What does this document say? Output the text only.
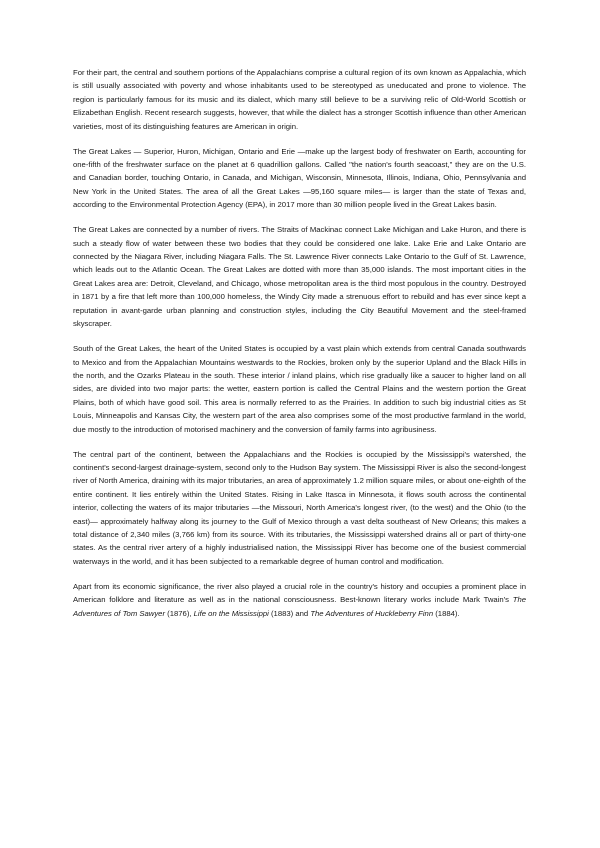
For their part, the central and southern portions of the Appalachians comprise a cultural region of its own known as Appalachia, which is still usually associated with poverty and whose inhabitants used to be stereotyped as uneducated and prone to violence. The region is particularly famous for its music and its dialect, which many still believe to be a surviving relic of Old-World Scottish or Elizabethan English. Recent research suggests, however, that while the dialect has a stronger Scottish influence than other American varieties, most of its distinguishing features are American in origin.

The Great Lakes — Superior, Huron, Michigan, Ontario and Erie —make up the largest body of freshwater on Earth, accounting for one-fifth of the freshwater surface on the planet at 6 quadrillion gallons. Called "the nation's fourth seacoast," they are on the U.S. and Canadian border, touching Ontario, in Canada, and Michigan, Wisconsin, Minnesota, Illinois, Indiana, Ohio, Pennsylvania and New York in the United States. The area of all the Great Lakes —95,160 square miles— is larger than the state of Texas and, according to the Environmental Protection Agency (EPA), in 2017 more than 30 million people lived in the Great Lakes basin.

The Great Lakes are connected by a number of rivers. The Straits of Mackinac connect Lake Michigan and Lake Huron, and there is such a steady flow of water between these two bodies that they could be considered one lake. Lake Erie and Lake Ontario are connected by the Niagara River, including Niagara Falls. The St. Lawrence River connects Lake Ontario to the Gulf of St. Lawrence, which leads out to the Atlantic Ocean. The Great Lakes are dotted with more than 35,000 islands. The most important cities in the Great Lakes area are: Detroit, Cleveland, and Chicago, whose metropolitan area is the third most populous in the country. Destroyed in 1871 by a fire that left more than 100,000 homeless, the Windy City made a strenuous effort to rebuild and has ever since kept a reputation in avant-garde urban planning and construction styles, including the City Beautiful Movement and the steel-framed skyscraper.

South of the Great Lakes, the heart of the United States is occupied by a vast plain which extends from central Canada southwards to Mexico and from the Appalachian Mountains westwards to the Rockies, broken only by the superior Upland and the Black Hills in the north, and the Ozarks Plateau in the south. These interior / inland plains, which rise gradually like a saucer to higher land on all sides, are divided into two major parts: the wetter, eastern portion is called the Central Plains and the western portion the Great Plains, both of which have good soil. This area is normally referred to as the Prairies. In addition to such big industrial cities as St Louis, Minneapolis and Kansas City, the western part of the area also comprises some of the most productive farmland in the world, due mostly to the introduction of motorised machinery and the conversion of family farms into agribusiness.

The central part of the continent, between the Appalachians and the Rockies is occupied by the Mississippi's watershed, the continent's second-largest drainage-system, second only to the Hudson Bay system. The Mississippi River is also the second-longest river of North America, draining with its major tributaries, an area of approximately 1.2 million square miles, or about one-eighth of the entire continent. It lies entirely within the United States. Rising in Lake Itasca in Minnesota, it flows south across the continental interior, collecting the waters of its major tributaries —the Missouri, North America's longest river, (to the west) and the Ohio (to the east)— approximately halfway along its journey to the Gulf of Mexico through a vast delta southeast of New Orleans; this makes a total distance of 2,340 miles (3,766 km) from its source. With its tributaries, the Mississippi watershed drains all or part of thirty-one states. As the central river artery of a highly industrialised nation, the Mississippi River has become one of the busiest commercial waterways in the world, and it has been subjected to a remarkable degree of human control and modification.

Apart from its economic significance, the river also played a crucial role in the country's history and occupies a prominent place in American folklore and literature as well as in the national consciousness. Best-known literary works include Mark Twain's The Adventures of Tom Sawyer (1876), Life on the Mississippi (1883) and The Adventures of Huckleberry Finn (1884).
